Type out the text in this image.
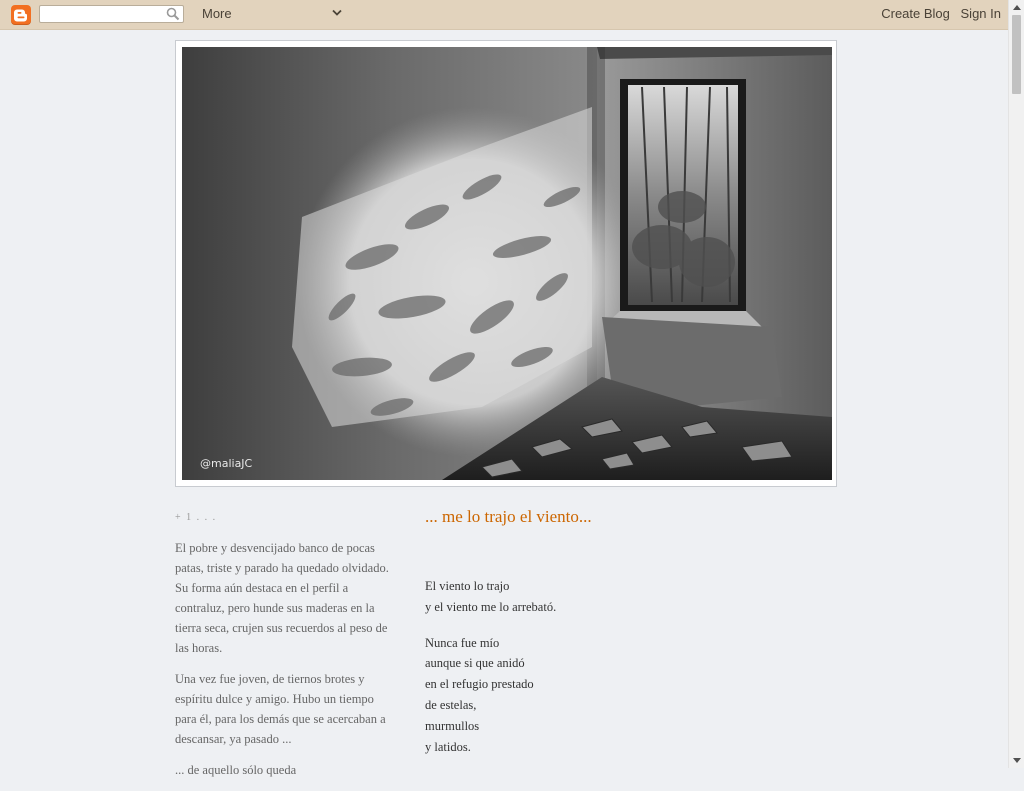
More	Create Blog Sign In
@maliaJC
+ 1 . . .

El pobre y desvencijado banco de pocas patas, triste y parado ha quedado olvidado. Su forma aún destaca en el perfil a contraluz, pero hunde sus maderas en la tierra seca, crujen sus recuerdos al peso de las horas.

Una vez fue joven, de tiernos brotes y espíritu dulce y amigo. Hubo un tiempo para él, para los demás que se acercaban a descansar, ya pasado ...

... de aquello sólo queda

... me lo trajo el viento...
El viento lo trajo
y el viento me lo arrebató.
Nunca fue mío
aunque si que anidó
en el refugio prestado
de estelas,
murmullos
y latidos.
